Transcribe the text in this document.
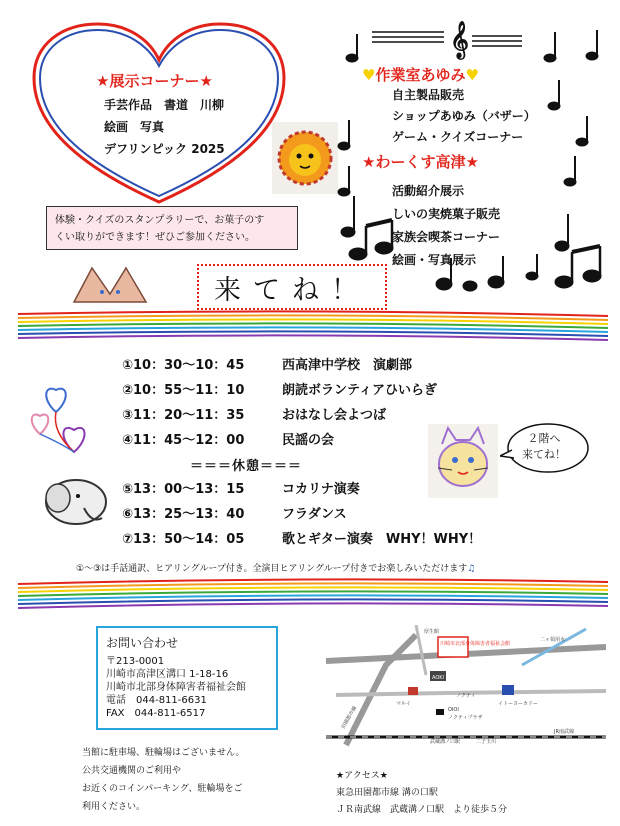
★展示コーナー★
手芸作品　書道　川柳
絵画　写真
デフリンピック 2025
𝄞
♥作業室あゆみ♥
自主製品販売
ショップあゆみ（バザー）
ゲーム・クイズコーナー
★わーくす高津★
活動紹介展示
しいの実焼菓子販売
家族会喫茶コーナー
絵画・写真展示
体験・クイズのスタンプラリーで、お菓子のす
くい取りができます！ぜひご参加ください。
来てね！
①10：30～10：45	西高津中学校　演劇部
②10：55～11：10	朗読ボランティアひいらぎ
③11：20～11：35	おはなし会よつば
④11：45～12：00	民謡の会
＝＝＝休憩＝＝＝
⑤13：00～13：15	コカリナ演奏
⑥13：25～13：40	フラダンス
⑦13：50～14：05	歌とギター演奏　WHY！WHY！
２階へ
来てね！
①～③は手話通訳、ヒアリングループ付き。全演目ヒアリングループ付きでお楽しみいただけます♫
お問い合わせ
〒213-0001
川崎市高津区溝口 1-18-16
川崎市北部身体障害者福祉会館
電話　044-811-6631
FAX　044-811-6517
当館に駐車場、駐輪場はございません。
公共交通機関のご利用や
お近くのコインパーキング、駐輪場をご
利用ください。
川崎市北部身体障害者福祉会館
厚生館
二ヶ領用水
AOKI
マルイ
ノクティ
イトーヨーカドー
OIOI
ノクティプラザ
武蔵溝ノ口駅
田園都市線
JR南武線
二子玉川
★アクセス★
東急田園都市線 溝の口駅
ＪＲ南武線　武蔵溝ノ口駅　より徒歩５分
